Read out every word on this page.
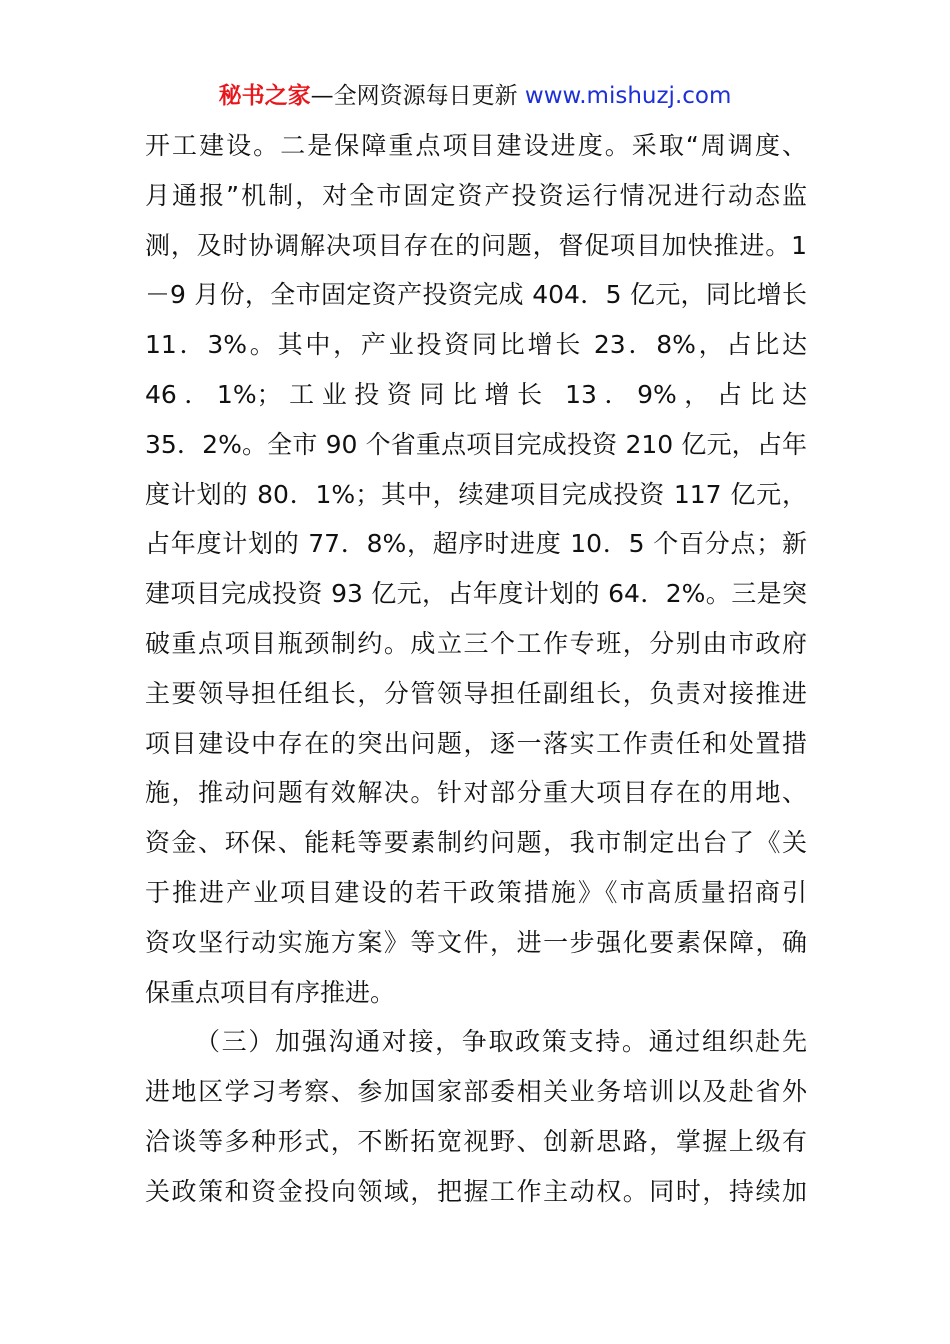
秘书之家—全网资源每日更新 www.mishuzj.com
开工建设。二是保障重点项目建设进度。采取“周调度、
月通报”机制，对全市固定资产投资运行情况进行动态监
测，及时协调解决项目存在的问题，督促项目加快推进。1
－9 月份，全市固定资产投资完成 404．5 亿元，同比增长
11．3%。其中，产业投资同比增长 23．8%，占比达
46．1%；工业投资同比增长 13．9%，占比达
35．2%。全市 90 个省重点项目完成投资 210 亿元，占年
度计划的 80．1%；其中，续建项目完成投资 117 亿元，
占年度计划的 77．8%，超序时进度 10．5 个百分点；新
建项目完成投资 93 亿元，占年度计划的 64．2%。三是突
破重点项目瓶颈制约。成立三个工作专班，分别由市政府
主要领导担任组长，分管领导担任副组长，负责对接推进
项目建设中存在的突出问题，逐一落实工作责任和处置措
施，推动问题有效解决。针对部分重大项目存在的用地、
资金、环保、能耗等要素制约问题，我市制定出台了《关
于推进产业项目建设的若干政策措施》《市高质量招商引
资攻坚行动实施方案》等文件，进一步强化要素保障，确
保重点项目有序推进。
（三）加强沟通对接，争取政策支持。通过组织赴先
进地区学习考察、参加国家部委相关业务培训以及赴省外
洽谈等多种形式，不断拓宽视野、创新思路，掌握上级有
关政策和资金投向领域，把握工作主动权。同时，持续加
